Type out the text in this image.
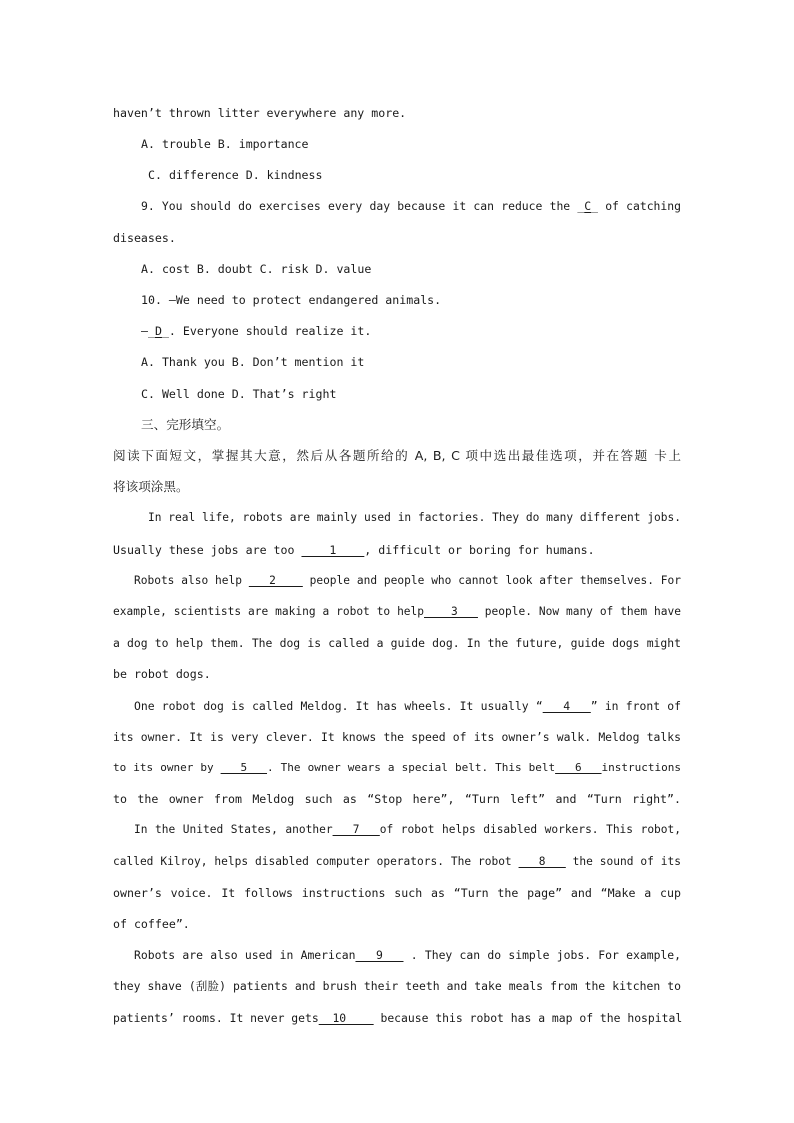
haven’t thrown litter everywhere any more.
A. trouble B. importance
C. difference D. kindness
9. You should do exercises every day because it can reduce the _C_ of catching
diseases.
A. cost B. doubt C. risk D. value
10. —We need to protect endangered animals.
—_D_. Everyone should realize it.
A. Thank you B. Don’t mention it
C. Well done D. That’s right
三、完形填空。
阅读下面短文，掌握其大意，然后从各题所给的 A, B, C 项中选出最佳选项，并在答题 卡上
将该项涂黑。
In real life, robots are mainly used in factories. They do many different jobs.
Usually these jobs are too ____1____, difficult or boring for humans.
Robots also help ___2____ people and people who cannot look after themselves. For
example, scientists are making a robot to help____3___ people. Now many of them have
a dog to help them. The dog is called a guide dog. In the future, guide dogs might
be robot dogs.
One robot dog is called Meldog. It has wheels. It usually “___4___” in front of
its owner. It is very clever. It knows the speed of its owner’s walk. Meldog talks
to its owner by ___5___. The owner wears a special belt. This belt___6___instructions
to the owner from Meldog such as “Stop here”, “Turn left” and “Turn right”.
In the United States, another___7___of robot helps disabled workers. This robot,
called Kilroy, helps disabled computer operators. The robot ___8___ the sound of its
owner’s voice. It follows instructions such as “Turn the page” and “Make a cup
of coffee”.
Robots are also used in American___9___ . They can do simple jobs. For example,
they shave (刮脸) patients and brush their teeth and take meals from the kitchen to
patients’ rooms. It never gets__10____ because this robot has a map of the hospital
